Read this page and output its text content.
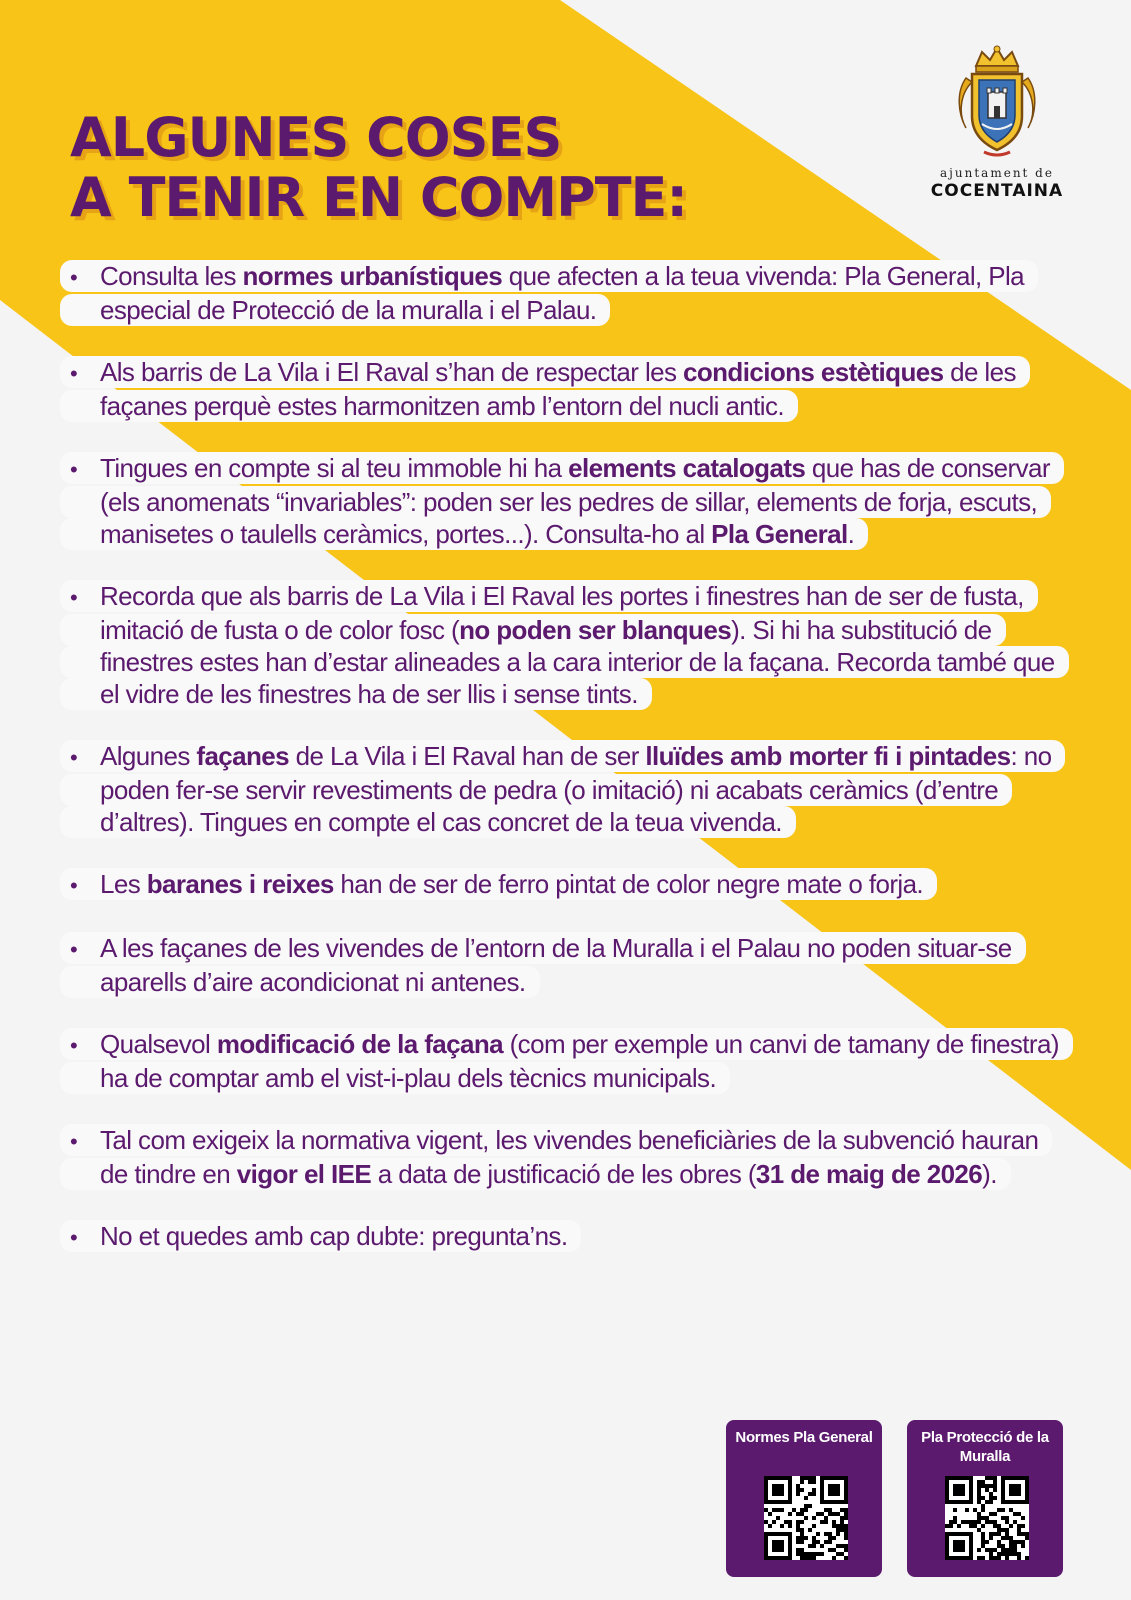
ALGUNES COSES
A TENIR EN COMPTE:	ajuntament de
COCENTAINA
• Consulta les normes urbanístiques que afecten a la teua vivenda: Pla General, Pla especial de Protecció de la muralla i el Palau.
• Als barris de La Vila i El Raval s’han de respectar les condicions estètiques de les façanes perquè estes harmonitzen amb l’entorn del nucli antic.
• Tingues en compte si al teu immoble hi ha elements catalogats que has de conservar (els anomenats “invariables”: poden ser les pedres de sillar, elements de forja, escuts, manisetes o taulells ceràmics, portes...). Consulta-ho al Pla General.
• Recorda que als barris de La Vila i El Raval les portes i finestres han de ser de fusta, imitació de fusta o de color fosc (no poden ser blanques). Si hi ha substitució de finestres estes han d’estar alineades a la cara interior de la façana. Recorda també que el vidre de les finestres ha de ser llis i sense tints.
• Algunes façanes de La Vila i El Raval han de ser lluïdes amb morter fi i pintades: no poden fer-se servir revestiments de pedra (o imitació) ni acabats ceràmics (d’entre d’altres). Tingues en compte el cas concret de la teua vivenda.
• Les baranes i reixes han de ser de ferro pintat de color negre mate o forja.
• A les façanes de les vivendes de l’entorn de la Muralla i el Palau no poden situar-se aparells d’aire acondicionat ni antenes.
• Qualsevol modificació de la façana (com per exemple un canvi de tamany de finestra) ha de comptar amb el vist-i-plau dels tècnics municipals.
• Tal com exigeix la normativa vigent, les vivendes beneficiàries de la subvenció hauran de tindre en vigor el IEE a data de justificació de les obres (31 de maig de 2026).
• No et quedes amb cap dubte: pregunta’ns.
Normes Pla General	Pla Protecció de la Muralla
